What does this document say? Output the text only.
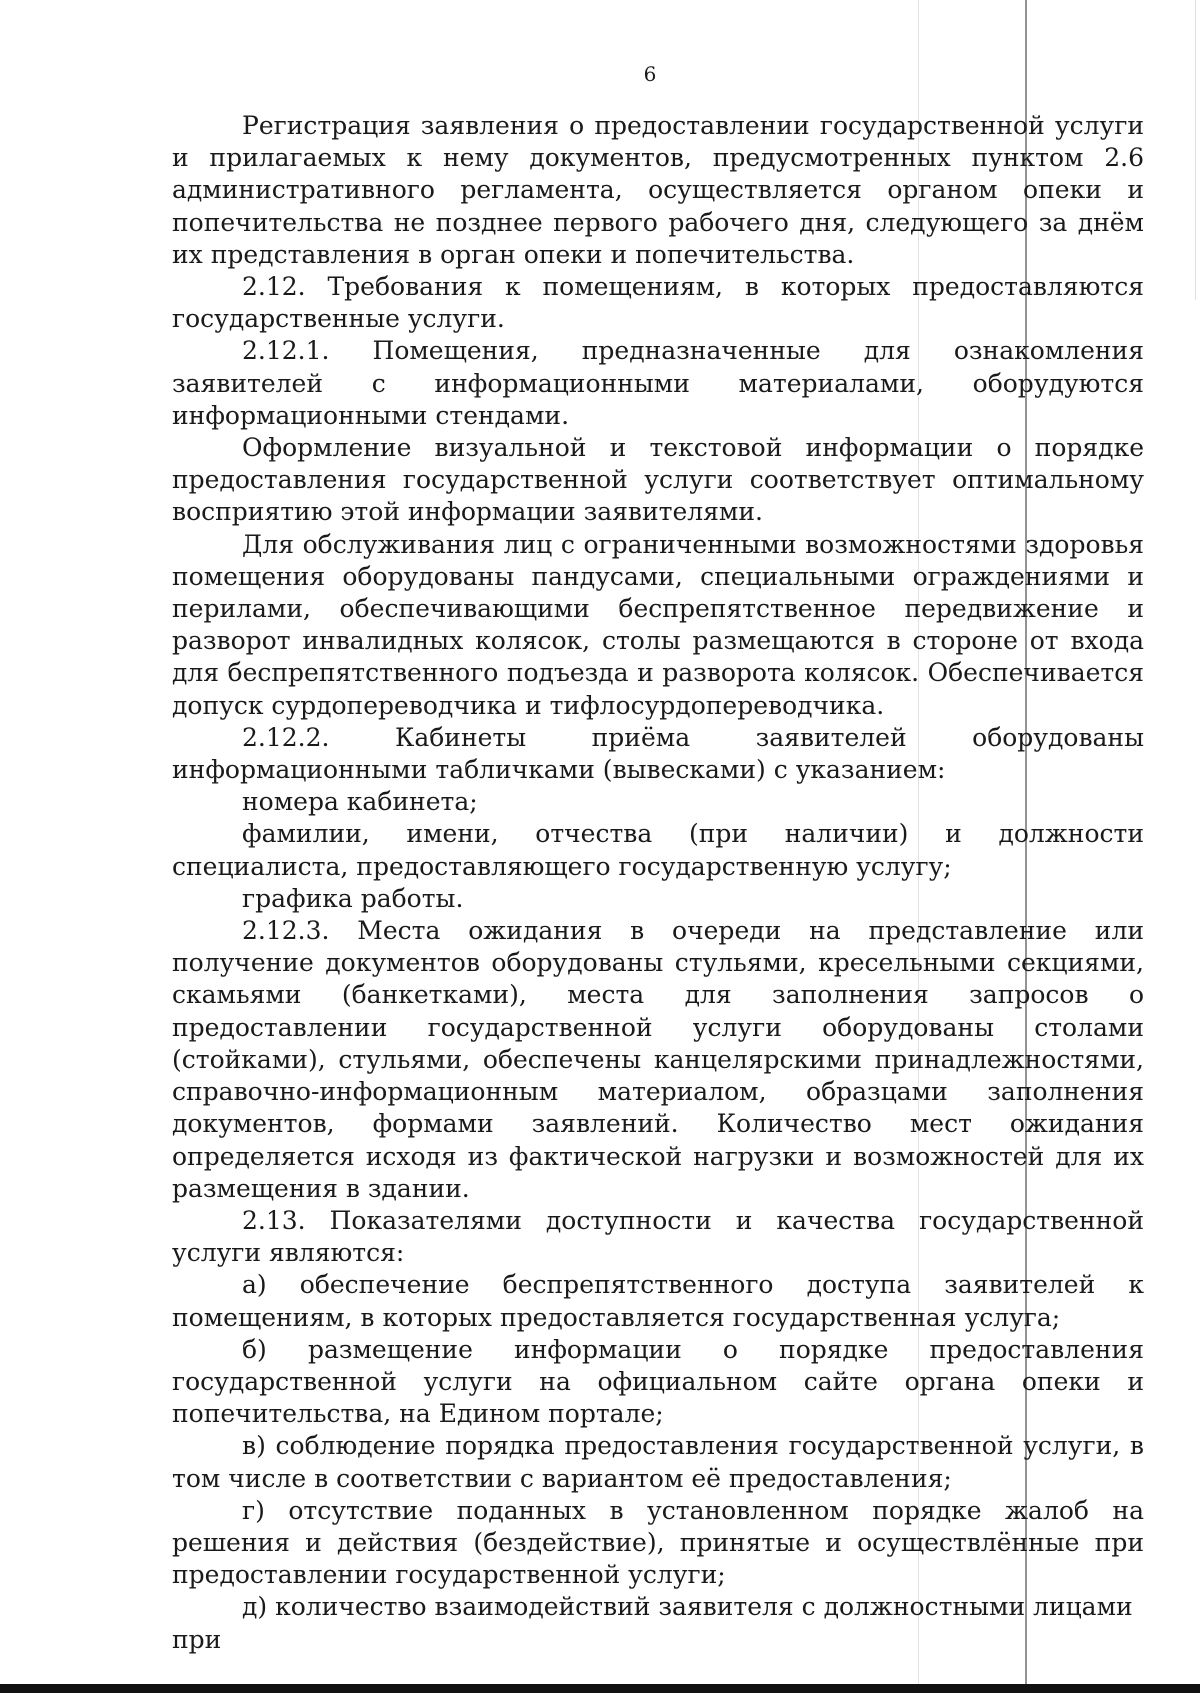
6

Регистрация заявления о предоставлении государственной услуги и прилагаемых к нему документов, предусмотренных пунктом 2.6 административного регламента, осуществляется органом опеки и попечительства не позднее первого рабочего дня, следующего за днём их представления в орган опеки и попечительства.

2.12. Требования к помещениям, в которых предоставляются государственные услуги.

2.12.1. Помещения, предназначенные для ознакомления заявителей с информационными материалами, оборудуются информационными стендами.

Оформление визуальной и текстовой информации о порядке предоставления государственной услуги соответствует оптимальному восприятию этой информации заявителями.

Для обслуживания лиц с ограниченными возможностями здоровья помещения оборудованы пандусами, специальными ограждениями и перилами, обеспечивающими беспрепятственное передвижение и разворот инвалидных колясок, столы размещаются в стороне от входа для беспрепятственного подъезда и разворота колясок. Обеспечивается допуск сурдопереводчика и тифлосурдопереводчика.

2.12.2. Кабинеты приёма заявителей оборудованы информационными табличками (вывесками) с указанием:

номера кабинета;

фамилии, имени, отчества (при наличии) и должности специалиста, предоставляющего государственную услугу;

графика работы.

2.12.3. Места ожидания в очереди на представление или получение документов оборудованы стульями, кресельными секциями, скамьями (банкетками), места для заполнения запросов о предоставлении государственной услуги оборудованы столами (стойками), стульями, обеспечены канцелярскими принадлежностями, справочно-информационным материалом, образцами заполнения документов, формами заявлений. Количество мест ожидания определяется исходя из фактической нагрузки и возможностей для их размещения в здании.

2.13. Показателями доступности и качества государственной услуги являются:

а) обеспечение беспрепятственного доступа заявителей к помещениям, в которых предоставляется государственная услуга;

б) размещение информации о порядке предоставления государственной услуги на официальном сайте органа опеки и попечительства, на Едином портале;

в) соблюдение порядка предоставления государственной услуги, в том числе в соответствии с вариантом её предоставления;

г) отсутствие поданных в установленном порядке жалоб на решения и действия (бездействие), принятые и осуществлённые при предоставлении государственной услуги;

д) количество взаимодействий заявителя с должностными лицами при
